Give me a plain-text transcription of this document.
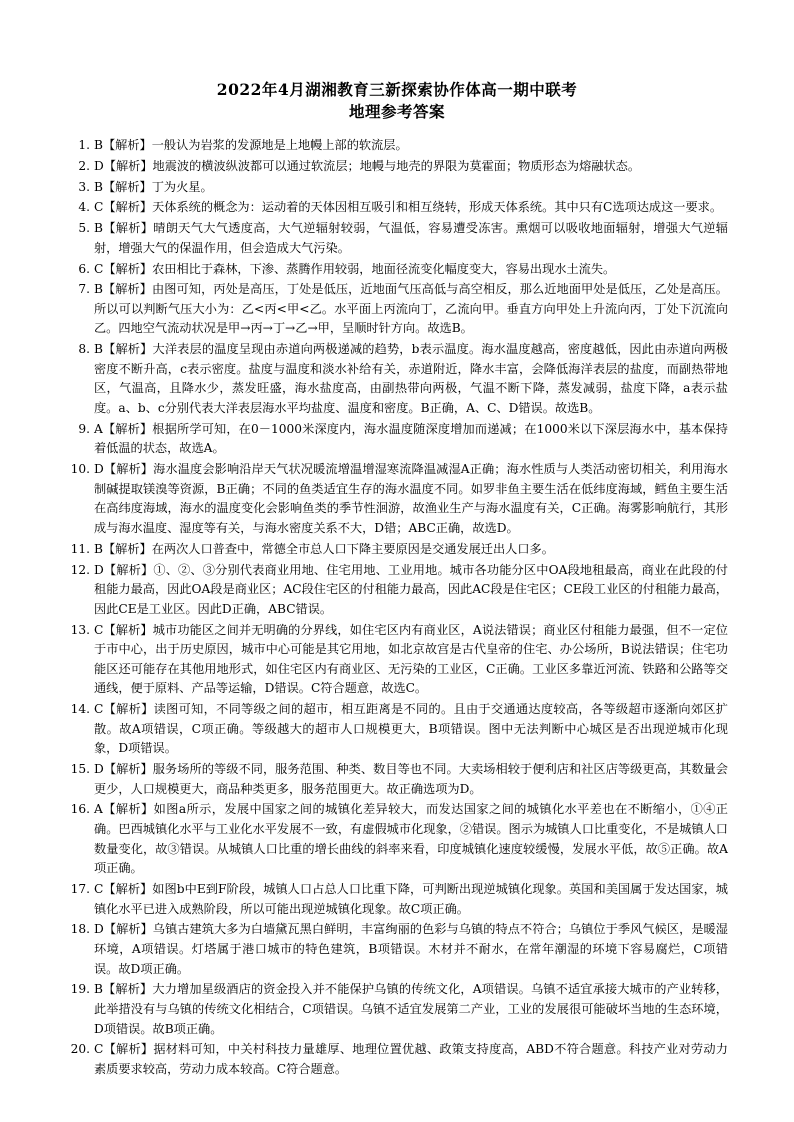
2022年4月湖湘教育三新探索协作体高一期中联考
地理参考答案
1. B【解析】一般认为岩浆的发源地是上地幔上部的软流层。
2. D【解析】地震波的横波纵波都可以通过软流层；地幔与地壳的界限为莫霍面；物质形态为熔融状态。
3. B【解析】丁为火星。
4. C【解析】天体系统的概念为：运动着的天体因相互吸引和相互绕转，形成天体系统。其中只有C选项达成这一要求。
5. B【解析】晴朗天气大气透度高，大气逆辐射较弱，气温低，容易遭受冻害。熏烟可以吸收地面辐射，增强大气逆辐射，增强大气的保温作用，但会造成大气污染。
6. C【解析】农田相比于森林，下渗、蒸腾作用较弱，地面径流变化幅度变大，容易出现水土流失。
7. B【解析】由图可知，丙处是高压，丁处是低压，近地面气压高低与高空相反，那么近地面甲处是低压，乙处是高压。所以可以判断气压大小为：乙<丙<甲<乙。水平面上丙流向丁，乙流向甲。垂直方向甲处上升流向丙，丁处下沉流向乙。四地空气流动状况是甲→丙→丁→乙→甲，呈顺时针方向。故选B。
8. B【解析】大洋表层的温度呈现由赤道向两极递减的趋势，b表示温度。海水温度越高，密度越低，因此由赤道向两极密度不断升高，c表示密度。盐度与温度和淡水补给有关，赤道附近，降水丰富，会降低海洋表层的盐度，而副热带地区，气温高，且降水少，蒸发旺盛，海水盐度高，由副热带向两极，气温不断下降，蒸发减弱，盐度下降，a表示盐度。a、b、c分别代表大洋表层海水平均盐度、温度和密度。B正确，A、C、D错误。故选B。
9. A【解析】根据所学可知，在0－1000米深度内，海水温度随深度增加而递减；在1000米以下深层海水中，基本保持着低温的状态，故选A。
10. D【解析】海水温度会影响沿岸天气状况暖流增温增湿寒流降温减湿A正确；海水性质与人类活动密切相关，利用海水制碱提取镁溴等资源，B正确；不同的鱼类适宜生存的海水温度不同。如罗非鱼主要生活在低纬度海域，鳕鱼主要生活在高纬度海域，海水的温度变化会影响鱼类的季节性洄游，故渔业生产与海水温度有关，C正确。海雾影响航行，其形成与海水温度、湿度等有关，与海水密度关系不大，D错；ABC正确，故选D。
11. B【解析】在两次人口普查中，常德全市总人口下降主要原因是交通发展迁出人口多。
12. D【解析】①、②、③分别代表商业用地、住宅用地、工业用地。城市各功能分区中OA段地租最高，商业在此段的付租能力最高，因此OA段是商业区；AC段住宅区的付租能力最高，因此AC段是住宅区；CE段工业区的付租能力最高，因此CE是工业区。因此D正确，ABC错误。
13. C【解析】城市功能区之间并无明确的分界线，如住宅区内有商业区，A说法错误；商业区付租能力最强，但不一定位于市中心，出于历史原因，城市中心可能是其它用地，如北京故宫是古代皇帝的住宅、办公场所，B说法错误；住宅功能区还可能存在其他用地形式，如住宅区内有商业区、无污染的工业区，C正确。工业区多靠近河流、铁路和公路等交通线，便于原料、产品等运输，D错误。C符合题意，故选C。
14. C【解析】读图可知，不同等级之间的超市，相互距离是不同的。且由于交通通达度较高，各等级超市逐渐向郊区扩散。故A项错误，C项正确。等级越大的超市人口规模更大，B项错误。图中无法判断中心城区是否出现逆城市化现象，D项错误。
15. D【解析】服务场所的等级不同，服务范围、种类、数目等也不同。大卖场相较于便利店和社区店等级更高，其数量会更少，人口规模更大，商品种类更多，服务范围更大。故正确选项为D。
16. A【解析】如图a所示，发展中国家之间的城镇化差异较大，而发达国家之间的城镇化水平差也在不断缩小，①④正确。巴西城镇化水平与工业化水平发展不一致，有虚假城市化现象，②错误。图示为城镇人口比重变化，不是城镇人口数量变化，故③错误。从城镇人口比重的增长曲线的斜率来看，印度城镇化速度较缓慢，发展水平低，故⑤正确。故A项正确。
17. C【解析】如图b中E到F阶段，城镇人口占总人口比重下降，可判断出现逆城镇化现象。英国和美国属于发达国家，城镇化水平已进入成熟阶段，所以可能出现逆城镇化现象。故C项正确。
18. D【解析】乌镇古建筑大多为白墙黛瓦黑白鲜明，丰富绚丽的色彩与乌镇的特点不符合；乌镇位于季风气候区，是暖湿环境，A项错误。灯塔属于港口城市的特色建筑，B项错误。木材并不耐水，在常年潮湿的环境下容易腐烂，C项错误。故D项正确。
19. B【解析】大力增加星级酒店的资金投入并不能保护乌镇的传统文化，A项错误。乌镇不适宜承接大城市的产业转移，此举措没有与乌镇的传统文化相结合，C项错误。乌镇不适宜发展第二产业，工业的发展很可能破坏当地的生态环境，D项错误。故B项正确。
20. C【解析】据材料可知，中关村科技力量雄厚、地理位置优越、政策支持度高，ABD不符合题意。科技产业对劳动力素质要求较高，劳动力成本较高。C符合题意。
